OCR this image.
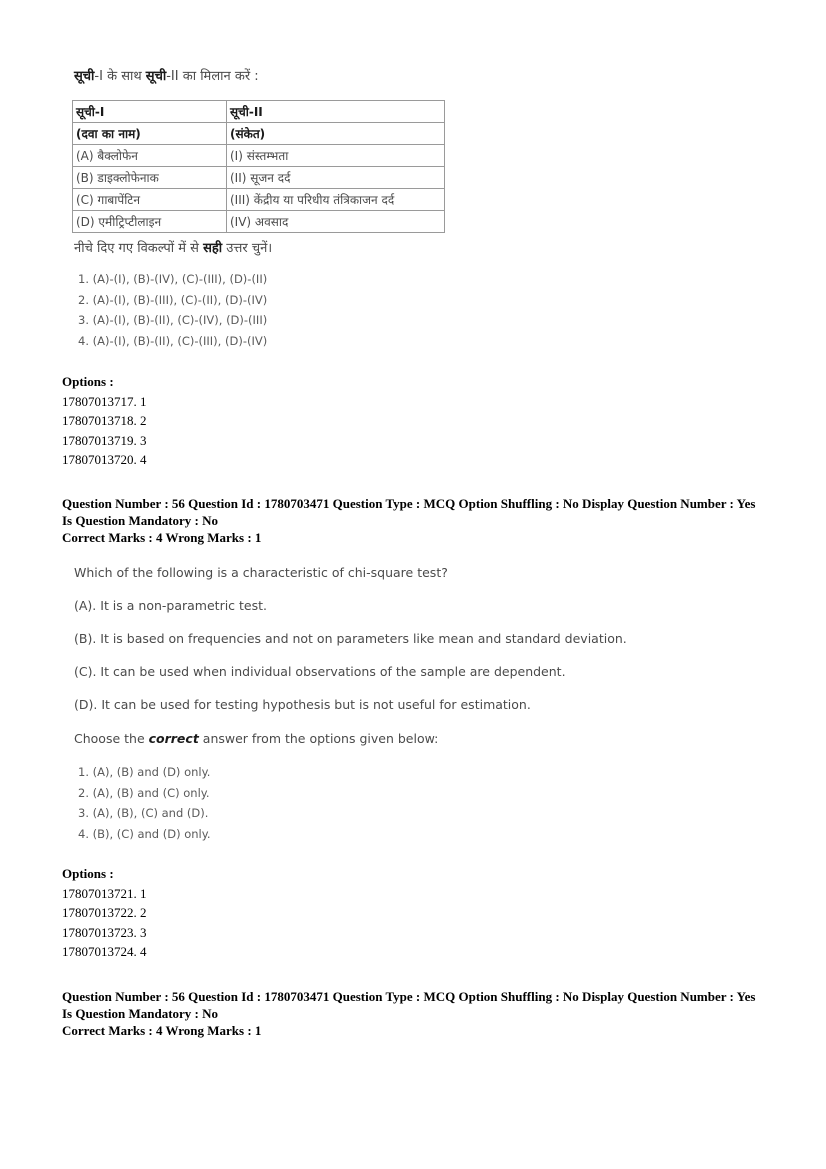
सूची-I के साथ सूची-II का मिलान करें :
सूची-I	सूची-II
(दवा का नाम)	(संकेत)
(A) बैक्लोफेन	(I) संस्तम्भता
(B) डाइक्लोफेनाक	(II) सूजन दर्द
(C) गाबापेंटिन	(III) केंद्रीय या परिधीय तंत्रिकाजन दर्द
(D) एमीट्रिप्टीलाइन	(IV) अवसाद
नीचे दिए गए विकल्पों में से सही उत्तर चुनें।
1. (A)-(I), (B)-(IV), (C)-(III), (D)-(II)
2. (A)-(I), (B)-(III), (C)-(II), (D)-(IV)
3. (A)-(I), (B)-(II), (C)-(IV), (D)-(III)
4. (A)-(I), (B)-(II), (C)-(III), (D)-(IV)
Options :
17807013717. 1
17807013718. 2
17807013719. 3
17807013720. 4
Question Number : 56 Question Id : 1780703471 Question Type : MCQ Option Shuffling : No Display Question Number : Yes
Is Question Mandatory : No
Correct Marks : 4 Wrong Marks : 1
Which of the following is a characteristic of chi-square test?
(A). It is a non-parametric test.
(B). It is based on frequencies and not on parameters like mean and standard deviation.
(C). It can be used when individual observations of the sample are dependent.
(D). It can be used for testing hypothesis but is not useful for estimation.
Choose the correct answer from the options given below:
1. (A), (B) and (D) only.
2. (A), (B) and (C) only.
3. (A), (B), (C) and (D).
4. (B), (C) and (D) only.
Options :
17807013721. 1
17807013722. 2
17807013723. 3
17807013724. 4
Question Number : 56 Question Id : 1780703471 Question Type : MCQ Option Shuffling : No Display Question Number : Yes
Is Question Mandatory : No
Correct Marks : 4 Wrong Marks : 1
